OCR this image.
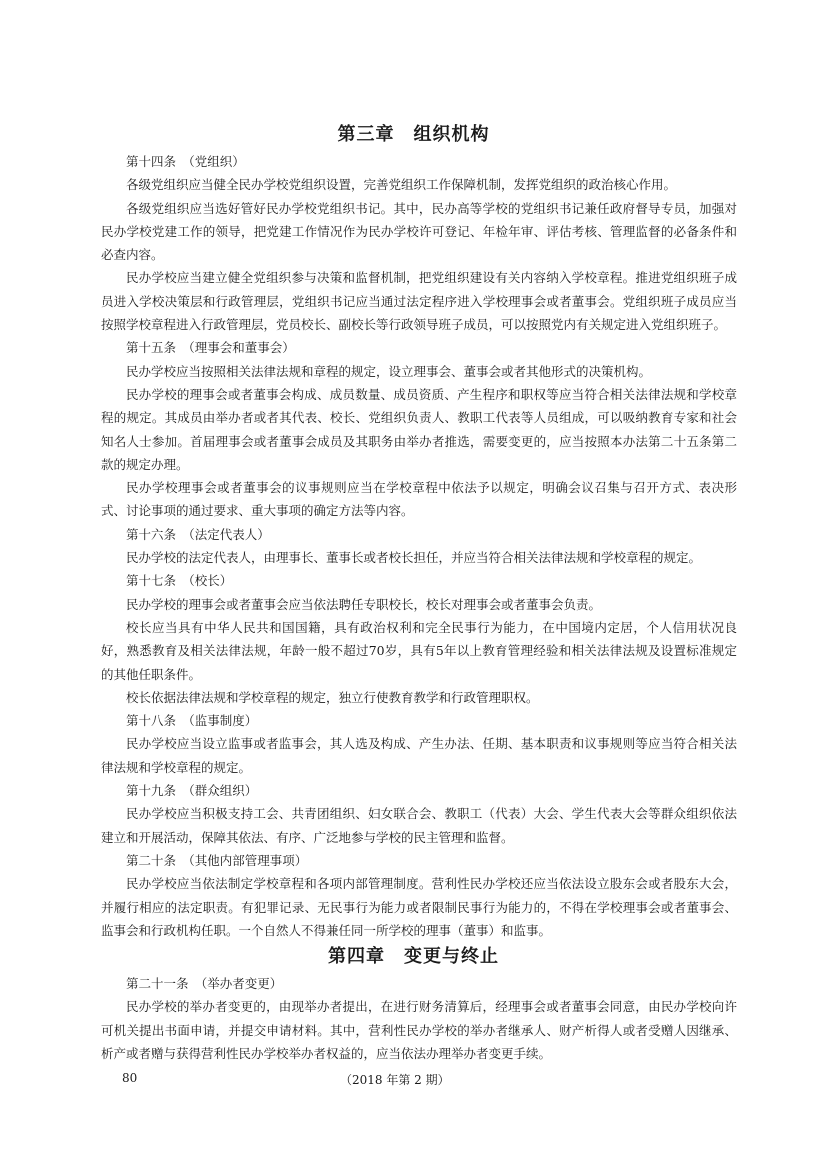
第三章　组织机构

第十四条　（党组织）

各级党组织应当健全民办学校党组织设置，完善党组织工作保障机制，发挥党组织的政治核心作用。

各级党组织应当选好管好民办学校党组织书记。其中，民办高等学校的党组织书记兼任政府督导专员，加强对民办学校党建工作的领导，把党建工作情况作为民办学校许可登记、年检年审、评估考核、管理监督的必备条件和必查内容。

民办学校应当建立健全党组织参与决策和监督机制，把党组织建设有关内容纳入学校章程。推进党组织班子成员进入学校决策层和行政管理层，党组织书记应当通过法定程序进入学校理事会或者董事会。党组织班子成员应当按照学校章程进入行政管理层，党员校长、副校长等行政领导班子成员，可以按照党内有关规定进入党组织班子。

第十五条　（理事会和董事会）

民办学校应当按照相关法律法规和章程的规定，设立理事会、董事会或者其他形式的决策机构。

民办学校的理事会或者董事会构成、成员数量、成员资质、产生程序和职权等应当符合相关法律法规和学校章程的规定。其成员由举办者或者其代表、校长、党组织负责人、教职工代表等人员组成，可以吸纳教育专家和社会知名人士参加。首届理事会或者董事会成员及其职务由举办者推选，需要变更的，应当按照本办法第二十五条第二款的规定办理。

民办学校理事会或者董事会的议事规则应当在学校章程中依法予以规定，明确会议召集与召开方式、表决形式、讨论事项的通过要求、重大事项的确定方法等内容。

第十六条　（法定代表人）

民办学校的法定代表人，由理事长、董事长或者校长担任，并应当符合相关法律法规和学校章程的规定。

第十七条　（校长）

民办学校的理事会或者董事会应当依法聘任专职校长，校长对理事会或者董事会负责。

校长应当具有中华人民共和国国籍，具有政治权利和完全民事行为能力，在中国境内定居，个人信用状况良好，熟悉教育及相关法律法规，年龄一般不超过70岁，具有5年以上教育管理经验和相关法律法规及设置标准规定的其他任职条件。

校长依据法律法规和学校章程的规定，独立行使教育教学和行政管理职权。

第十八条　（监事制度）

民办学校应当设立监事或者监事会，其人选及构成、产生办法、任期、基本职责和议事规则等应当符合相关法律法规和学校章程的规定。

第十九条　（群众组织）

民办学校应当积极支持工会、共青团组织、妇女联合会、教职工（代表）大会、学生代表大会等群众组织依法建立和开展活动，保障其依法、有序、广泛地参与学校的民主管理和监督。

第二十条　（其他内部管理事项）

民办学校应当依法制定学校章程和各项内部管理制度。营利性民办学校还应当依法设立股东会或者股东大会，并履行相应的法定职责。有犯罪记录、无民事行为能力或者限制民事行为能力的，不得在学校理事会或者董事会、监事会和行政机构任职。一个自然人不得兼任同一所学校的理事（董事）和监事。

第四章　变更与终止

第二十一条　（举办者变更）

民办学校的举办者变更的，由现举办者提出，在进行财务清算后，经理事会或者董事会同意，由民办学校向许可机关提出书面申请，并提交申请材料。其中，营利性民办学校的举办者继承人、财产析得人或者受赠人因继承、析产或者赠与获得营利性民办学校举办者权益的，应当依法办理举办者变更手续。

80	（2018 年第 2 期）
